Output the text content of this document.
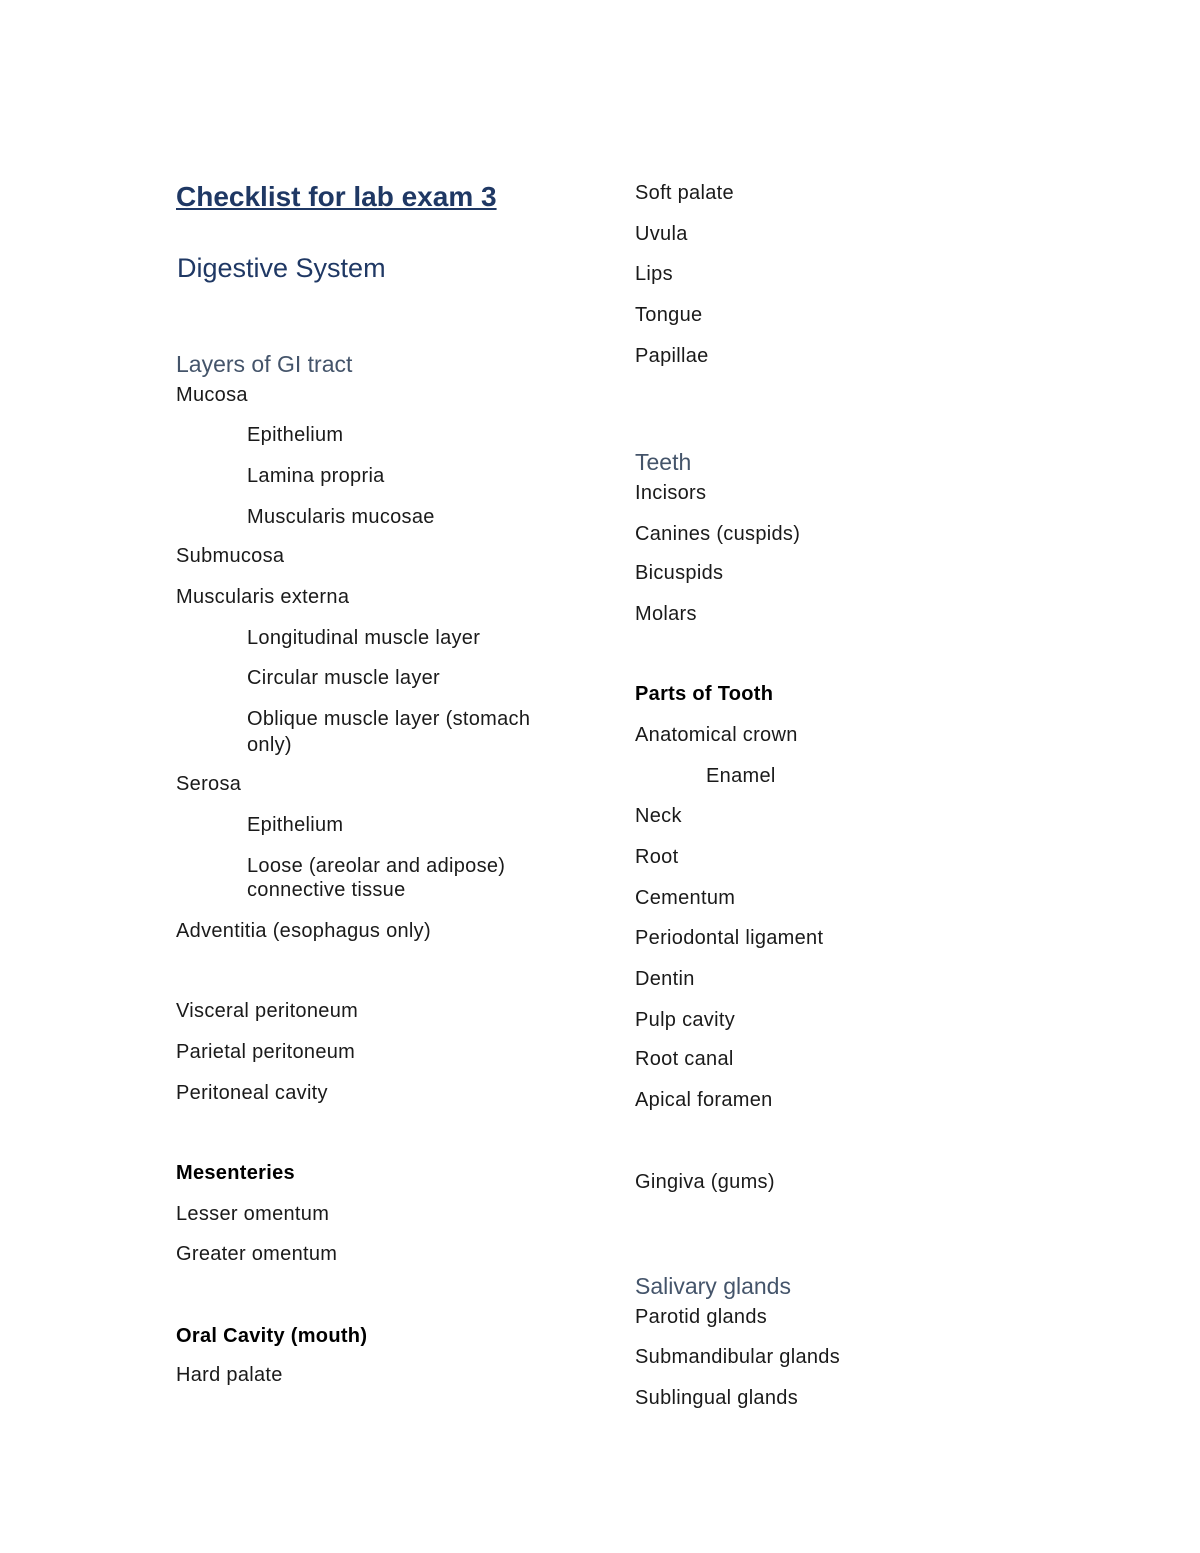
Checklist for lab exam 3
Digestive System
Layers of GI tract
Mucosa
Epithelium
Lamina propria
Muscularis mucosae
Submucosa
Muscularis externa
Longitudinal muscle layer
Circular muscle layer
Oblique muscle layer (stomach
only)
Serosa
Epithelium
Loose (areolar and adipose)
connective tissue
Adventitia (esophagus only)
Visceral peritoneum
Parietal peritoneum
Peritoneal cavity
Mesenteries
Lesser omentum
Greater omentum
Oral Cavity (mouth)
Hard palate
Soft palate
Uvula
Lips
Tongue
Papillae
Teeth
Incisors
Canines (cuspids)
Bicuspids
Molars
Parts of Tooth
Anatomical crown
Enamel
Neck
Root
Cementum
Periodontal ligament
Dentin
Pulp cavity
Root canal
Apical foramen
Gingiva (gums)
Salivary glands
Parotid glands
Submandibular glands
Sublingual glands
